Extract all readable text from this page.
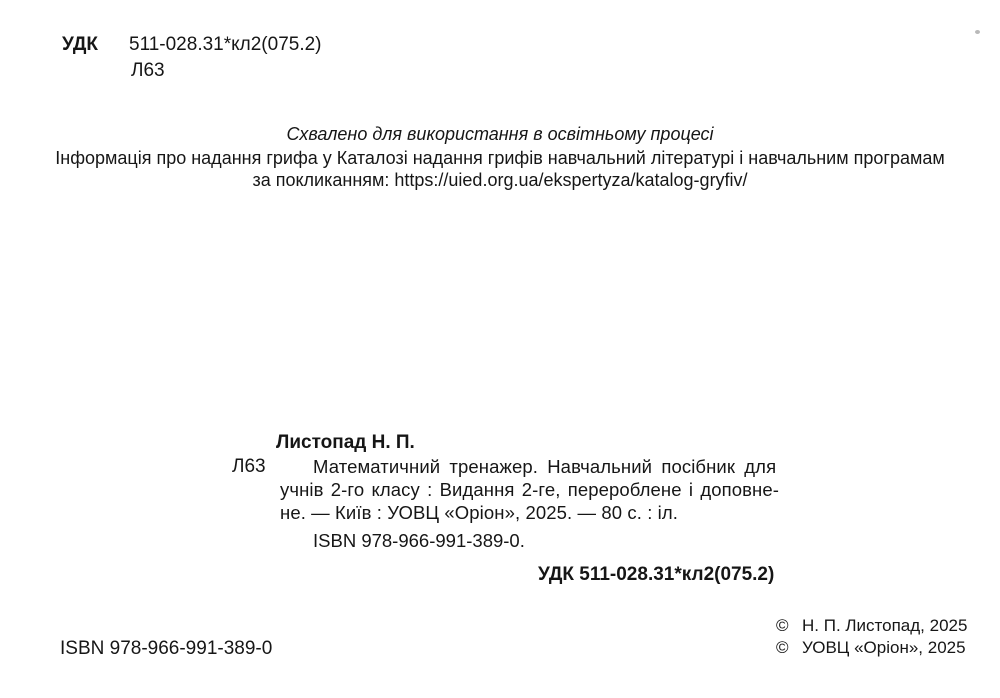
УДК 511-028.31*кл2(075.2)
Л63
Схвалено для використання в освітньому процесі
Інформація про надання грифа у Каталозі надання грифів навчальний літературі і навчальним програмам
за покликанням: https://uied.org.ua/ekspertyza/katalog-gryfiv/
Листопад Н. П.
Л63	Математичний тренажер. Навчальний посібник для
учнів 2-го класу : Видання 2-ге, перероблене і доповне-
не. — Київ : УОВЦ «Оріон», 2025. — 80 с. : іл.
ISBN 978-966-991-389-0.
УДК 511-028.31*кл2(075.2)
ISBN 978-966-991-389-0
© Н. П. Листопад, 2025
© УОВЦ «Оріон», 2025
